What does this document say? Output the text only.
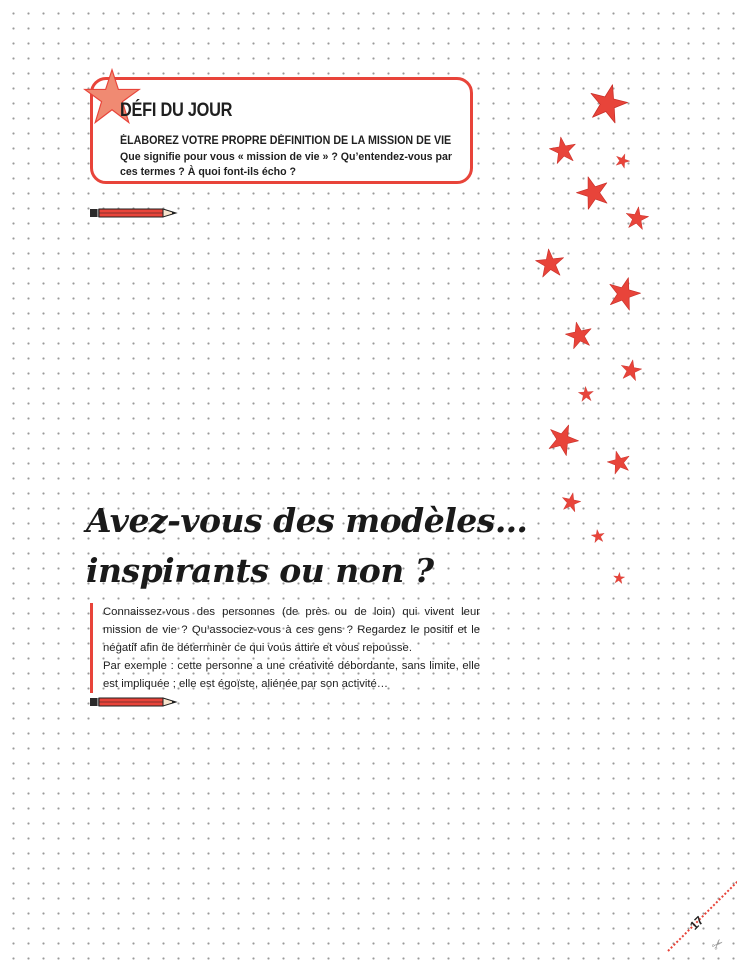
DÉFI DU JOUR
ÉLABOREZ VOTRE PROPRE DÉFINITION DE LA MISSION DE VIE
Que signifie pour vous « mission de vie » ? Qu’entendez-vous par ces termes ? À quoi font-ils écho ?
Avez-vous des modèles…
inspirants ou non ?

Connaissez-vous des personnes (de près ou de loin) qui vivent leur mission de vie ? Qu’associez-vous à ces gens ? Regardez le positif et le négatif afin de déterminer ce qui vous attire et vous repousse.

Par exemple : cette personne a une créativité débordante, sans limite, elle est impliquée ; elle est égoïste, aliénée par son activité…

17
✂
